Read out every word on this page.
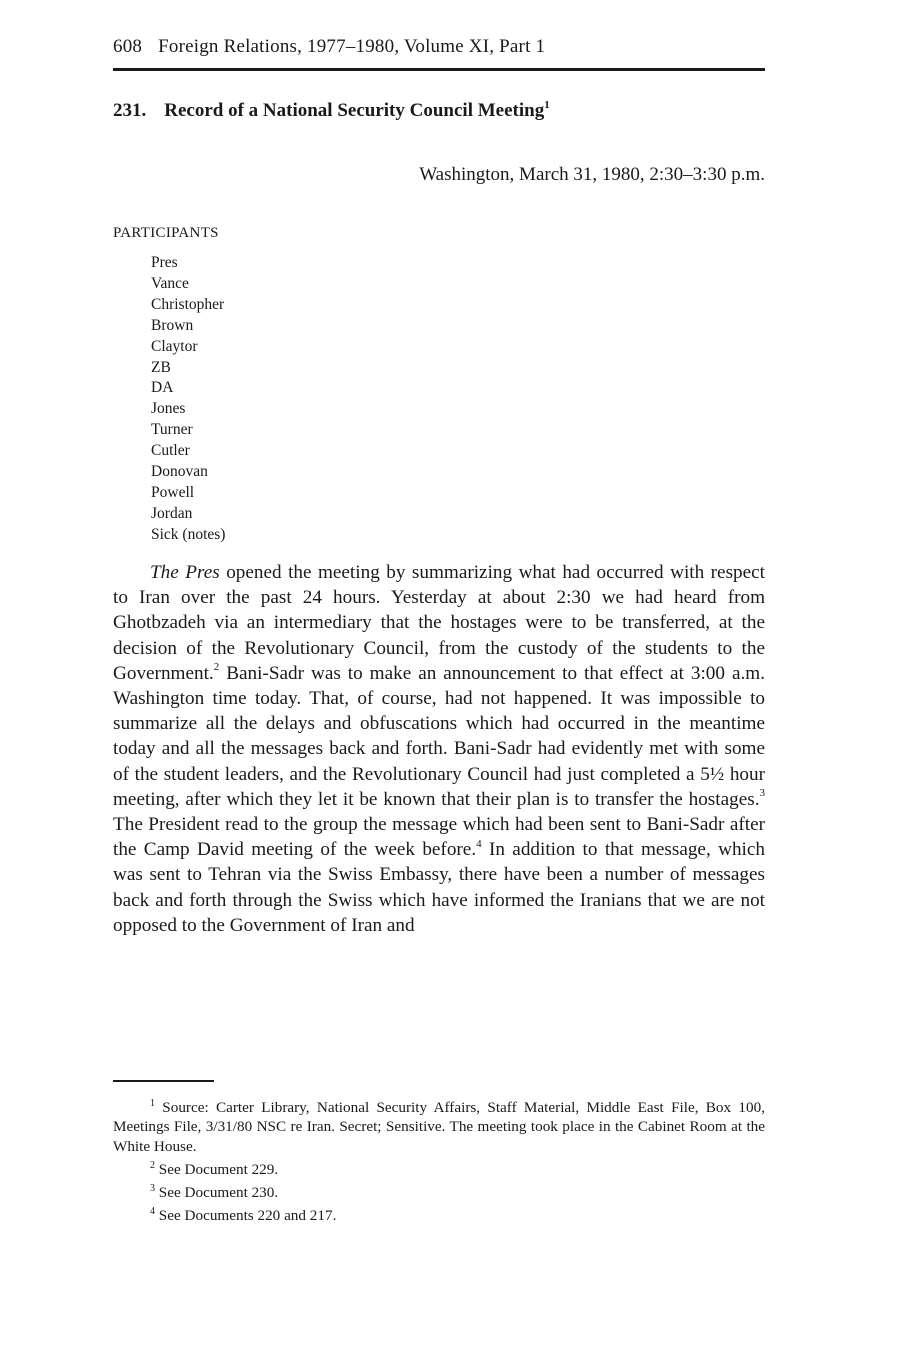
608 Foreign Relations, 1977–1980, Volume XI, Part 1
231. Record of a National Security Council Meeting$^1$
Washington, March 31, 1980, 2:30–3:30 p.m.
PARTICIPANTS
Pres
Vance
Christopher
Brown
Claytor
ZB
DA
Jones
Turner
Cutler
Donovan
Powell
Jordan
Sick (notes)

The Pres opened the meeting by summarizing what had occurred with respect to Iran over the past 24 hours. Yesterday at about 2:30 we had heard from Ghotbzadeh via an intermediary that the hostages were to be transferred, at the decision of the Revolutionary Council, from the custody of the students to the Government.$^2$ Bani-Sadr was to make an announcement to that effect at 3:00 a.m. Washington time today. That, of course, had not happened. It was impossible to summarize all the delays and obfuscations which had occurred in the meantime today and all the messages back and forth. Bani-Sadr had evidently met with some of the student leaders, and the Revolutionary Council had just completed a 5½ hour meeting, after which they let it be known that their plan is to transfer the hostages.$^3$ The President read to the group the message which had been sent to Bani-Sadr after the Camp David meeting of the week before.$^4$ In addition to that message, which was sent to Tehran via the Swiss Embassy, there have been a number of messages back and forth through the Swiss which have informed the Iranians that we are not opposed to the Government of Iran and

$^1$ Source: Carter Library, National Security Affairs, Staff Material, Middle East File, Box 100, Meetings File, 3/31/80 NSC re Iran. Secret; Sensitive. The meeting took place in the Cabinet Room at the White House.

$^2$ See Document 229.

$^3$ See Document 230.

$^4$ See Documents 220 and 217.
